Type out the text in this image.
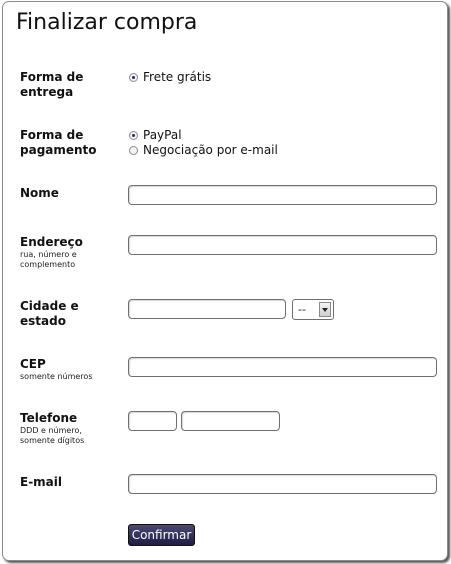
Finalizar compra
Forma de
entrega
Frete grátis
Forma de
pagamento
PayPal
Negociação por e-mail
Nome
Endereço
rua, número e
complemento
Cidade e
estado
--
CEP
somente números
Telefone
DDD e número,
somente dígitos
E-mail
Confirmar
